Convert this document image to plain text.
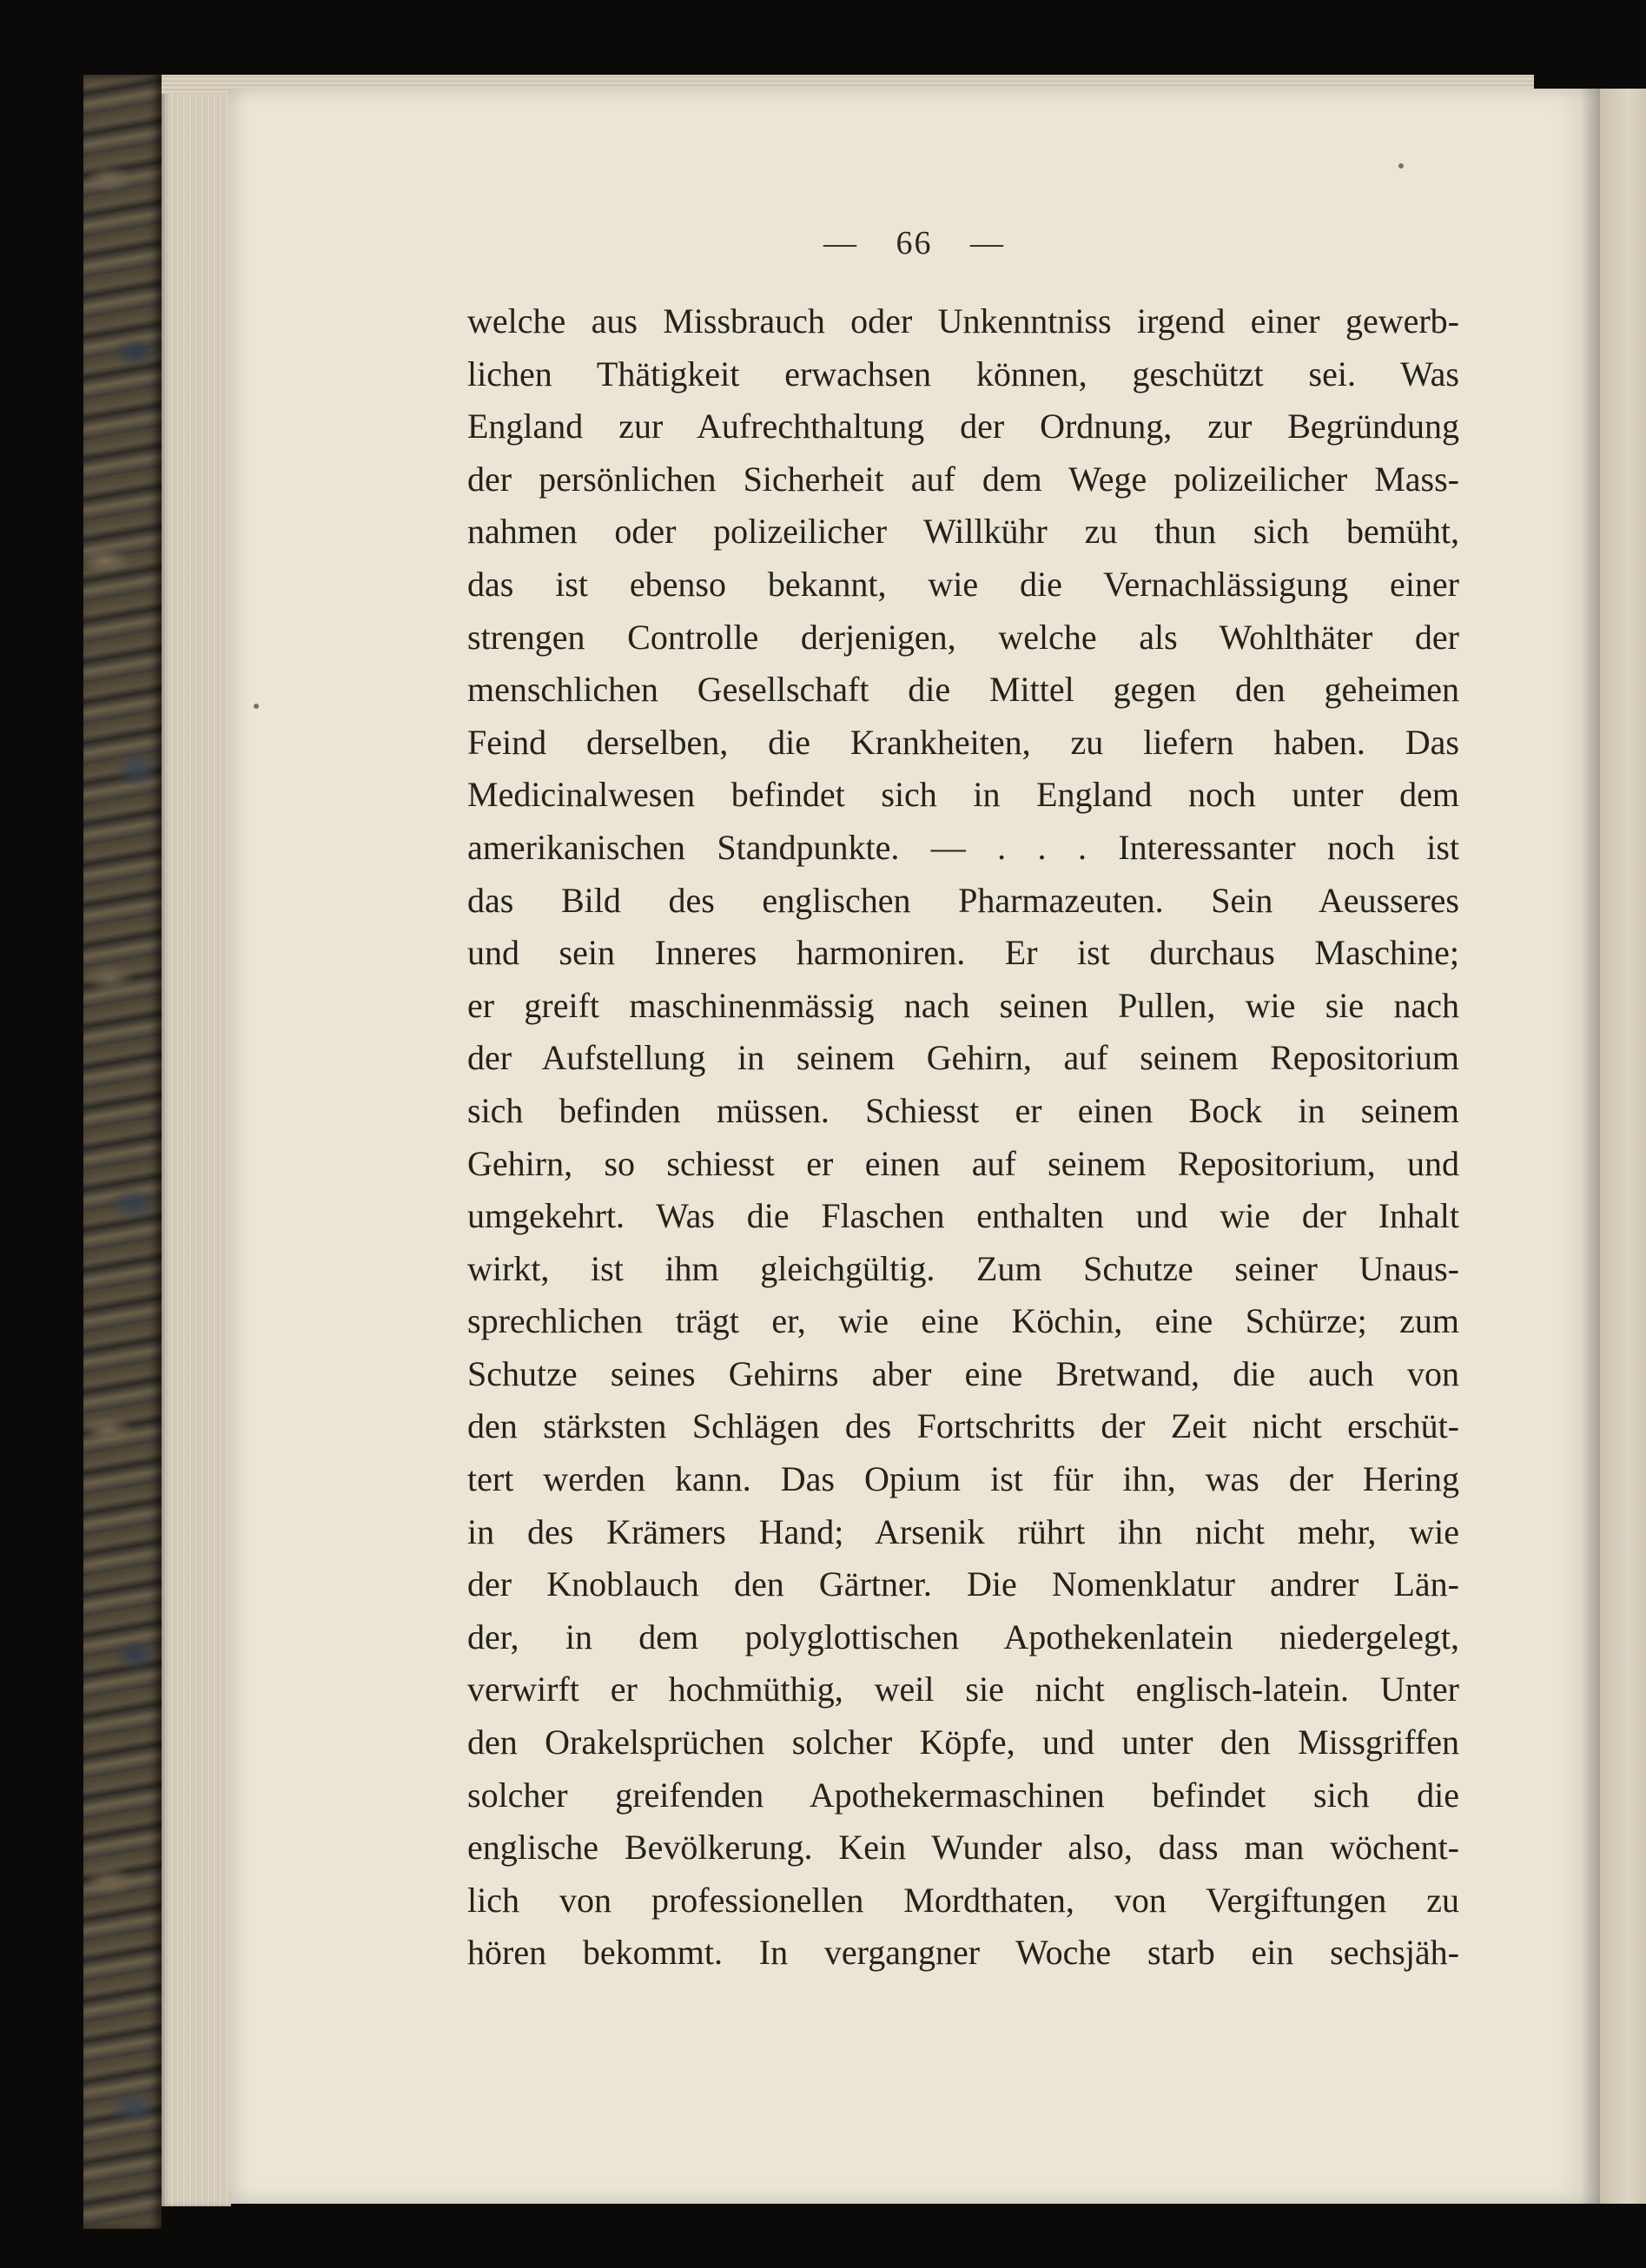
— 66 —
welche aus Missbrauch oder Unkenntniss irgend einer gewerb-
lichen Thätigkeit erwachsen können, geschützt sei. Was
England zur Aufrechthaltung der Ordnung, zur Begründung
der persönlichen Sicherheit auf dem Wege polizeilicher Mass-
nahmen oder polizeilicher Willkühr zu thun sich bemüht,
das ist ebenso bekannt, wie die Vernachlässigung einer
strengen Controlle derjenigen, welche als Wohlthäter der
menschlichen Gesellschaft die Mittel gegen den geheimen
Feind derselben, die Krankheiten, zu liefern haben. Das
Medicinalwesen befindet sich in England noch unter dem
amerikanischen Standpunkte. — . . . Interessanter noch ist
das Bild des englischen Pharmazeuten. Sein Aeusseres
und sein Inneres harmoniren. Er ist durchaus Maschine;
er greift maschinenmässig nach seinen Pullen, wie sie nach
der Aufstellung in seinem Gehirn, auf seinem Repositorium
sich befinden müssen. Schiesst er einen Bock in seinem
Gehirn, so schiesst er einen auf seinem Repositorium, und
umgekehrt. Was die Flaschen enthalten und wie der Inhalt
wirkt, ist ihm gleichgültig. Zum Schutze seiner Unaus-
sprechlichen trägt er, wie eine Köchin, eine Schürze; zum
Schutze seines Gehirns aber eine Bretwand, die auch von
den stärksten Schlägen des Fortschritts der Zeit nicht erschüt-
tert werden kann. Das Opium ist für ihn, was der Hering
in des Krämers Hand; Arsenik rührt ihn nicht mehr, wie
der Knoblauch den Gärtner. Die Nomenklatur andrer Län-
der, in dem polyglottischen Apothekenlatein niedergelegt,
verwirft er hochmüthig, weil sie nicht englisch-latein. Unter
den Orakelsprüchen solcher Köpfe, und unter den Missgriffen
solcher greifenden Apothekermaschinen befindet sich die
englische Bevölkerung. Kein Wunder also, dass man wöchent-
lich von professionellen Mordthaten, von Vergiftungen zu
hören bekommt. In vergangner Woche starb ein sechsjäh-
